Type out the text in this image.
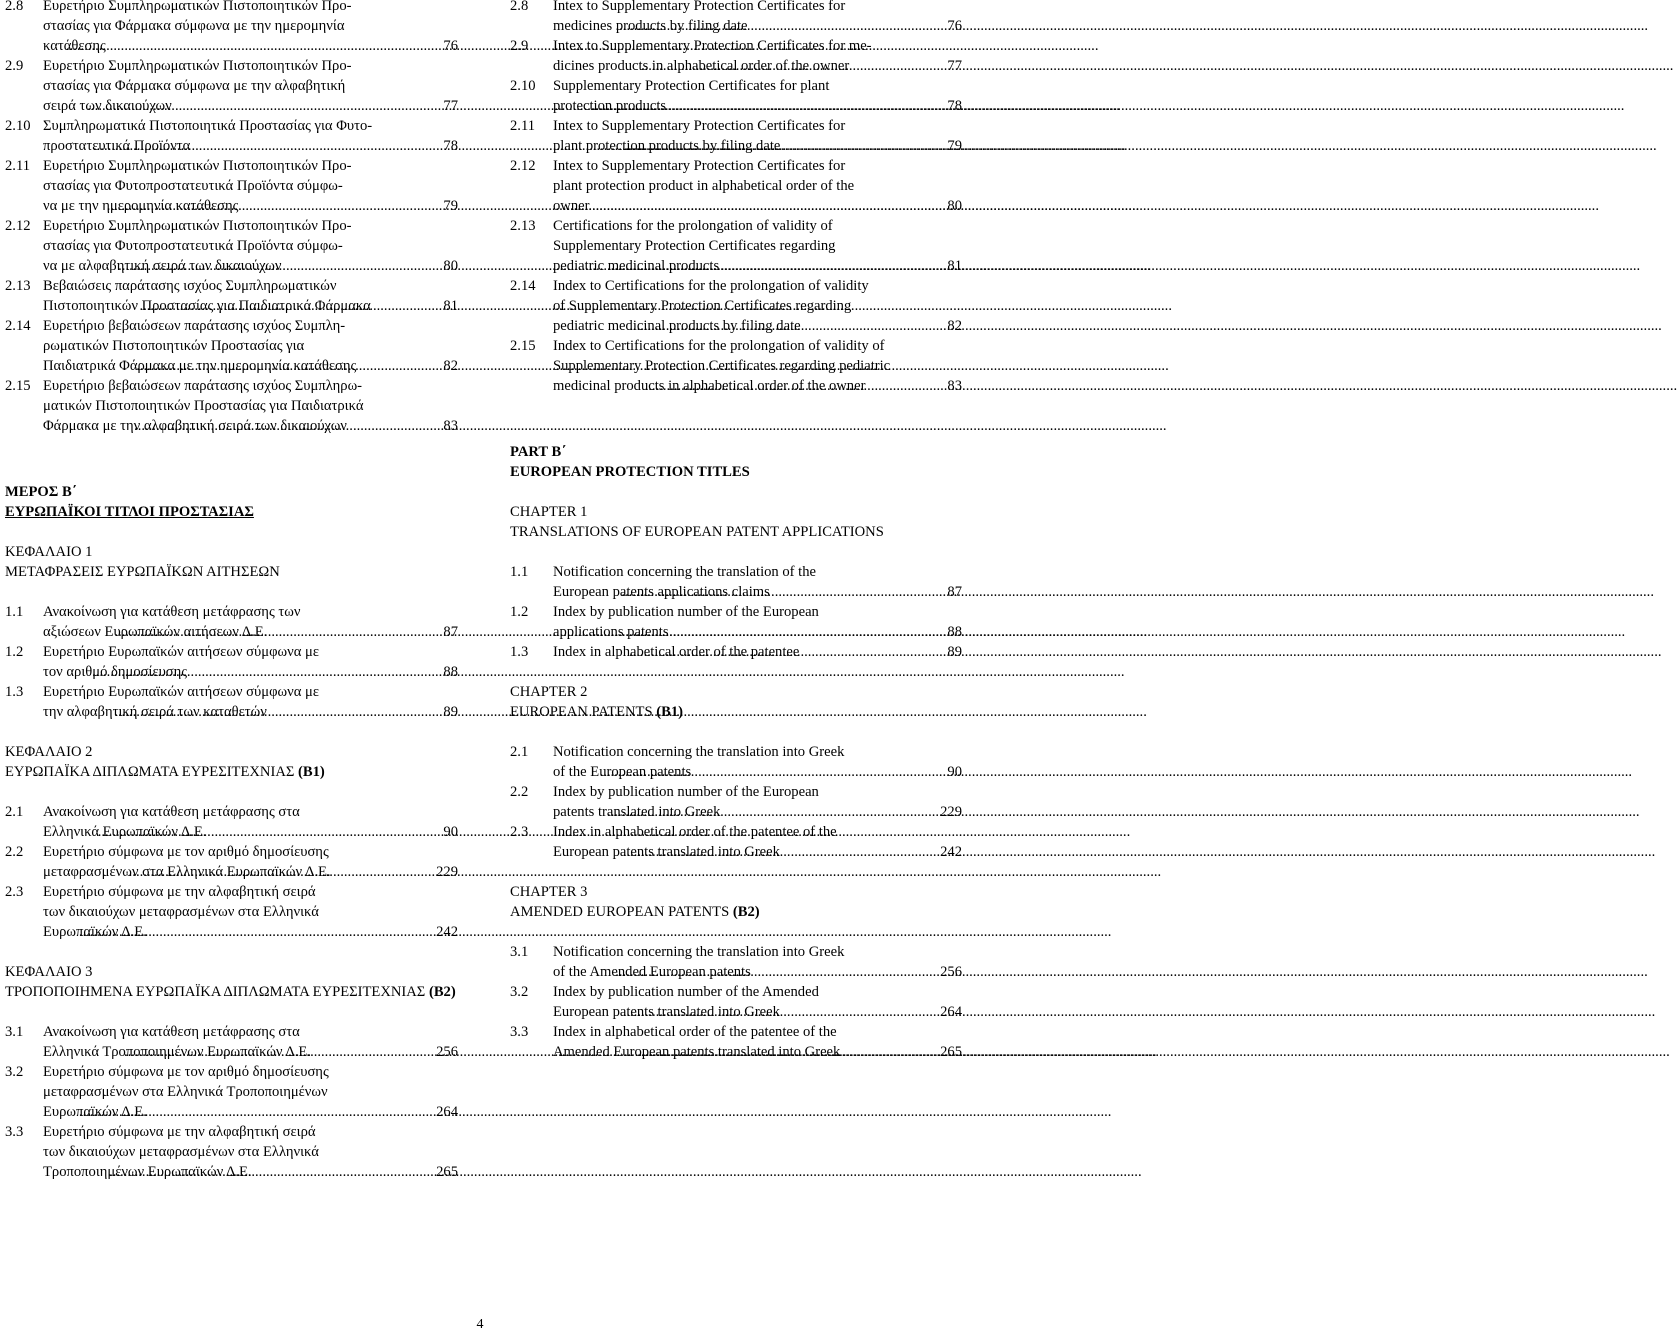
2.8 Ευρετήριο Συμπληρωματικών Πιστοποιητικών Προ-
στασίας για Φάρμακα σύμφωνα με την ημερομηνία
κατάθεσης .....	76
2.9 Ευρετήριο Συμπληρωματικών Πιστοποιητικών Προ-
στασίας για Φάρμακα σύμφωνα με την αλφαβητική
σειρά των δικαιούχων .....	77
2.10 Συμπληρωματικά Πιστοποιητικά Προστασίας για Φυτο-
προστατευτικά Προϊόντα .....	78
2.11 Ευρετήριο Συμπληρωματικών Πιστοποιητικών Προ-
στασίας για Φυτοπροστατευτικά Προϊόντα σύμφω-
να με την ημερομηνία κατάθεσης .....	79
2.12 Ευρετήριο Συμπληρωματικών Πιστοποιητικών Προ-
στασίας για Φυτοπροστατευτικά Προϊόντα σύμφω-
να με αλφαβητική σειρά των δικαιούχων .....	80
2.13 Βεβαιώσεις παράτασης ισχύος Συμπληρωματικών
Πιστοποιητικών Προστασίας για Παιδιατρικά Φάρμακα .....	81
2.14 Ευρετήριο βεβαιώσεων παράτασης ισχύος Συμπλη-
ρωματικών Πιστοποιητικών Προστασίας για
Παιδιατρικά Φάρμακα με την ημερομηνία κατάθεσης .....	82
2.15 Ευρετήριο βεβαιώσεων παράτασης ισχύος Συμπληρω-
ματικών Πιστοποιητικών Προστασίας για Παιδιατρικά
Φάρμακα με την αλφαβητική σειρά των δικαιούχων .....	83
ΜΕΡΟΣ Β΄
ΕΥΡΩΠΑΪΚΟΙ ΤΙΤΛΟΙ ΠΡΟΣΤΑΣΙΑΣ
ΚΕΦΑΛΑΙΟ 1
ΜΕΤΑΦΡΑΣΕΙΣ ΕΥΡΩΠΑΪΚΩΝ ΑΙΤΗΣΕΩΝ
1.1 Ανακοίνωση για κατάθεση μετάφρασης των
αξιώσεων Ευρωπαϊκών αιτήσεων Δ.Ε. .....	87
1.2 Ευρετήριο Ευρωπαϊκών αιτήσεων σύμφωνα με
τον αριθμό δημοσίευσης .....	88
1.3 Ευρετήριο Ευρωπαϊκών αιτήσεων σύμφωνα με
την αλφαβητική σειρά των καταθετών .....	89
ΚΕΦΑΛΑΙΟ 2
ΕΥΡΩΠΑΪΚΑ ΔΙΠΛΩΜΑΤΑ ΕΥΡΕΣΙΤΕΧΝΙΑΣ (Β1)
2.1 Ανακοίνωση για κατάθεση μετάφρασης στα
Ελληνικά Ευρωπαϊκών Δ.Ε. .....	90
2.2 Ευρετήριο σύμφωνα με τον αριθμό δημοσίευσης
μεταφρασμένων στα Ελληνικά Ευρωπαϊκών Δ.Ε. .....	229
2.3 Ευρετήριο σύμφωνα με την αλφαβητική σειρά
των δικαιούχων μεταφρασμένων στα Ελληνικά
Ευρωπαϊκών Δ.Ε. .....	242
ΚΕΦΑΛΑΙΟ 3
ΤΡΟΠΟΠΟΙΗΜΕΝΑ ΕΥΡΩΠΑΪΚΑ ΔΙΠΛΩΜΑΤΑ ΕΥΡΕΣΙΤΕΧΝΙΑΣ (Β2)
3.1 Ανακοίνωση για κατάθεση μετάφρασης στα
Ελληνικά Τροποποιημένων Ευρωπαϊκών Δ.Ε. .....	256
3.2 Ευρετήριο σύμφωνα με τον αριθμό δημοσίευσης
μεταφρασμένων στα Ελληνικά Τροποποιημένων
Ευρωπαϊκών Δ.Ε. .....	264
3.3 Ευρετήριο σύμφωνα με την αλφαβητική σειρά
των δικαιούχων μεταφρασμένων στα Ελληνικά
Τροποποιημένων Ευρωπαϊκών Δ.Ε. .....	265
2.8 Intex to Supplementary Protection Certificates for
medicines products by filing date .....	76
2.9 Intex to Supplementary Protection Certificates for me-
dicines products in alphabetical order of the owner .....	77
2.10 Supplementary Protection Certificates for plant
protection products .....	78
2.11 Intex to Supplementary Protection Certificates for
plant protection products by filing date .....	79
2.12 Intex to Supplementary Protection Certificates for
plant protection product in alphabetical order of the
owner .....	80
2.13 Certifications for the prolongation of validity of
Supplementary Protection Certificates regarding
pediatric medicinal products .....	81
2.14 Index to Certifications for the prolongation of validity
of Supplementary Protection Certificates regarding
pediatric medicinal products by filing date .....	82
2.15 Index to Certifications for the prolongation of validity of
Supplementary Protection Certificates regarding pediatric
medicinal products in alphabetical order of the owner .....	83
PART B΄
EUROPEAN PROTECTION TITLES
CHAPTER 1
TRANSLATIONS OF EUROPEAN PATENT APPLICATIONS
1.1 Notification concerning the translation of the
European patents applications claims .....	87
1.2 Index by publication number of the European
applications patents .....	88
1.3 Index in alphabetical order of the patentee .....	89
CHAPTER 2
EUROPEAN PATENTS (B1)
2.1 Notification concerning the translation into Greek
of the European patents .....	90
2.2 Index by publication number of the European
patents translated into Greek .....	229
2.3 Index in alphabetical order of the patentee of the
European patents translated into Greek .....	242
CHAPTER 3
AMENDED EUROPEAN PATENTS (B2)
3.1 Notification concerning the translation into Greek
of the Amended European patents .....	256
3.2 Index by publication number of the Amended
European patents translated into Greek .....	264
3.3 Index in alphabetical order of the patentee of the
Amended European patents translated into Greek .....	265
4
